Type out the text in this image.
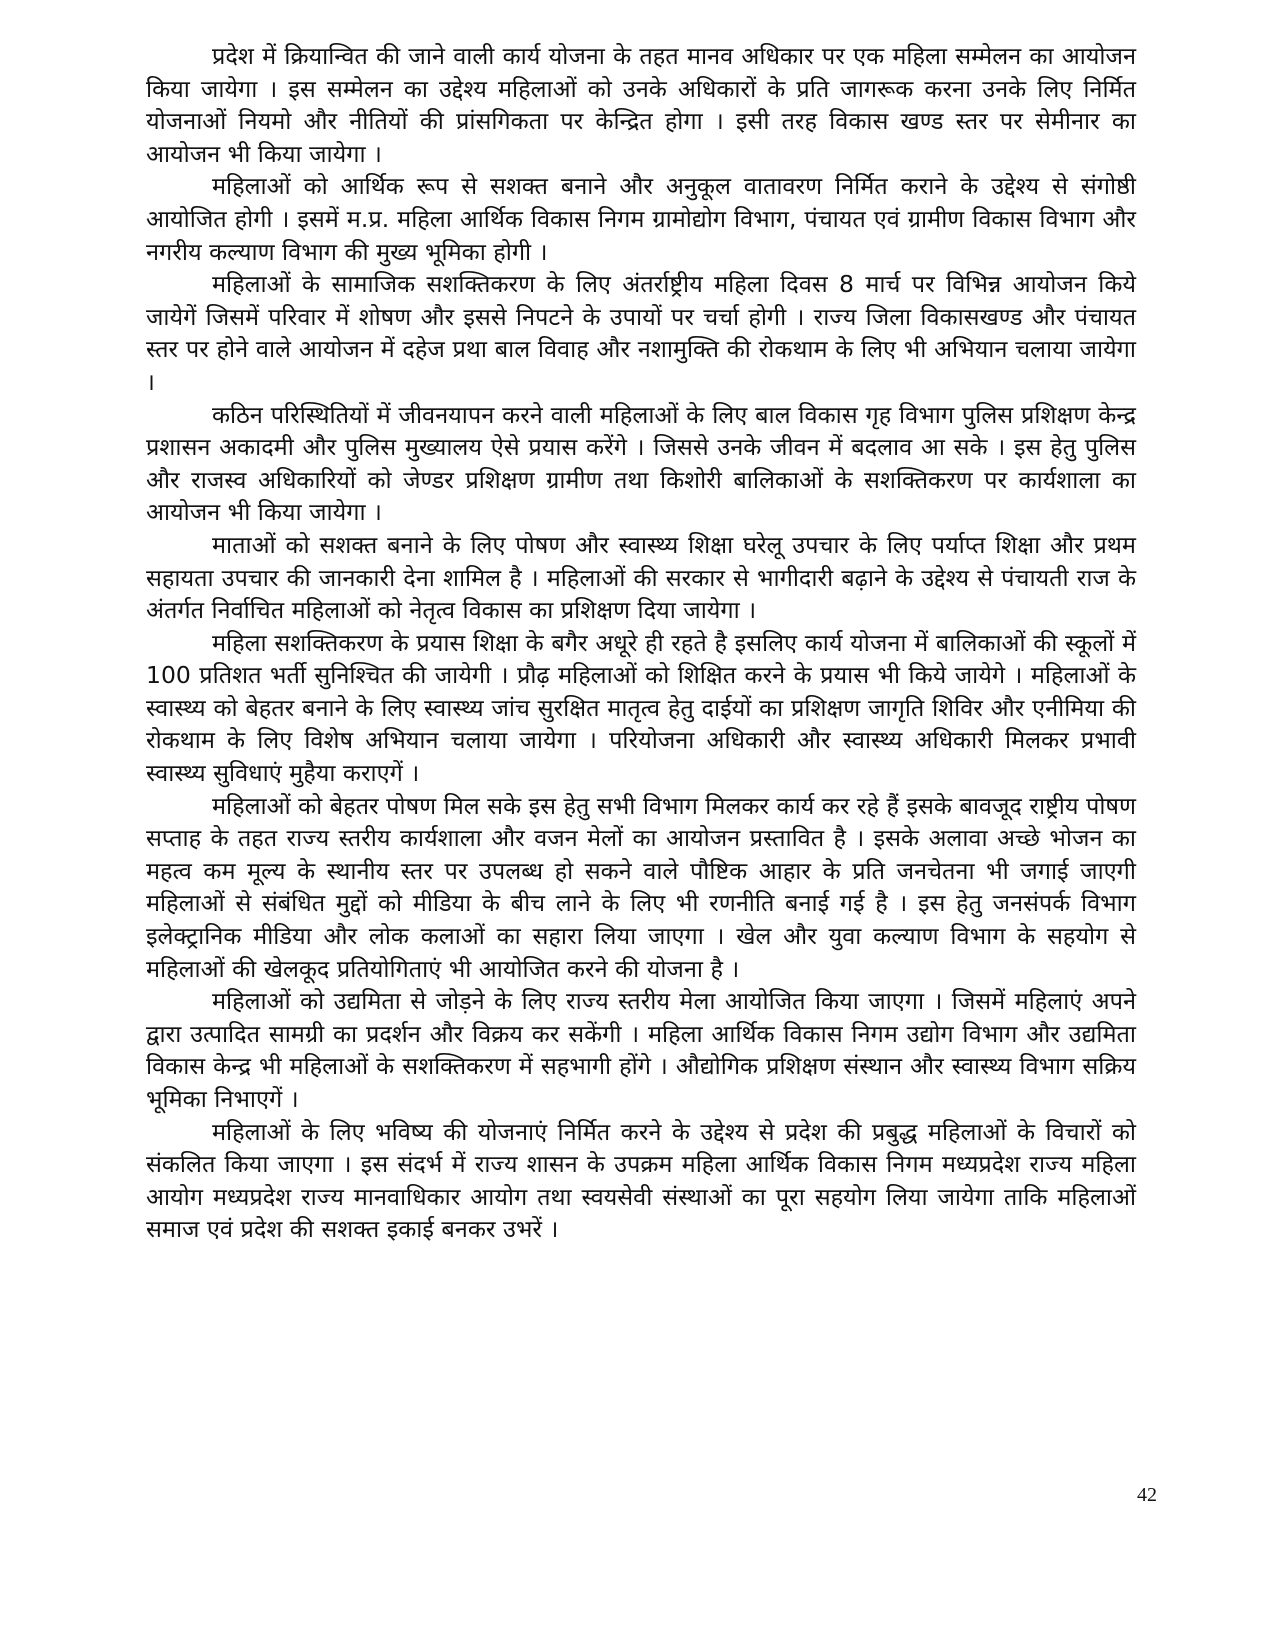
प्रदेश में क्रियान्वित की जाने वाली कार्य योजना के तहत मानव अधिकार पर एक महिला सम्मेलन का आयोजन किया जायेगा । इस सम्मेलन का उद्देश्य महिलाओं को उनके अधिकारों के प्रति जागरूक करना उनके लिए निर्मित योजनाओं नियमो और नीतियों की प्रांसगिकता पर केन्द्रित होगा । इसी तरह विकास खण्ड स्तर पर सेमीनार का आयोजन भी किया जायेगा ।

महिलाओं को आर्थिक रूप से सशक्त बनाने और अनुकूल वातावरण निर्मित कराने के उद्देश्य से संगोष्ठी आयोजित होगी । इसमें म.प्र. महिला आर्थिक विकास निगम ग्रामोद्योग विभाग, पंचायत एवं ग्रामीण विकास विभाग और नगरीय कल्याण विभाग की मुख्य भूमिका होगी ।

महिलाओं के सामाजिक सशक्तिकरण के लिए अंतर्राष्ट्रीय महिला दिवस 8 मार्च पर विभिन्न आयोजन किये जायेगें जिसमें परिवार में शोषण और इससे निपटने के उपायों पर चर्चा होगी । राज्य जिला विकासखण्ड और पंचायत स्तर पर होने वाले आयोजन में दहेज प्रथा बाल विवाह और नशामुक्ति की रोकथाम के लिए भी अभियान चलाया जायेगा ।

कठिन परिस्थितियों में जीवनयापन करने वाली महिलाओं के लिए बाल विकास गृह विभाग पुलिस प्रशिक्षण केन्द्र प्रशासन अकादमी और पुलिस मुख्यालय ऐसे प्रयास करेंगे । जिससे उनके जीवन में बदलाव आ सके । इस हेतु पुलिस और राजस्व अधिकारियों को जेण्डर प्रशिक्षण ग्रामीण तथा किशोरी बालिकाओं के सशक्तिकरण पर कार्यशाला का आयोजन भी किया जायेगा ।

माताओं को सशक्त बनाने के लिए पोषण और स्वास्थ्य शिक्षा घरेलू उपचार के लिए पर्याप्त शिक्षा और प्रथम सहायता उपचार की जानकारी देना शामिल है । महिलाओं की सरकार से भागीदारी बढ़ाने के उद्देश्य से पंचायती राज के अंतर्गत निर्वाचित महिलाओं को नेतृत्व विकास का प्रशिक्षण दिया जायेगा ।

महिला सशक्तिकरण के प्रयास शिक्षा के बगैर अधूरे ही रहते है इसलिए कार्य योजना में बालिकाओं की स्कूलों में 100 प्रतिशत भर्ती सुनिश्चित की जायेगी । प्रौढ़ महिलाओं को शिक्षित करने के प्रयास भी किये जायेगे । महिलाओं के स्वास्थ्य को बेहतर बनाने के लिए स्वास्थ्य जांच सुरक्षित मातृत्व हेतु दाईयों का प्रशिक्षण जागृति शिविर और एनीमिया की रोकथाम के लिए विशेष अभियान चलाया जायेगा । परियोजना अधिकारी और स्वास्थ्य अधिकारी मिलकर प्रभावी स्वास्थ्य सुविधाएं मुहैया कराएगें ।

महिलाओं को बेहतर पोषण मिल सके इस हेतु सभी विभाग मिलकर कार्य कर रहे हैं इसके बावजूद राष्ट्रीय पोषण सप्ताह के तहत राज्य स्तरीय कार्यशाला और वजन मेलों का आयोजन प्रस्तावित है । इसके अलावा अच्छे भोजन का महत्व कम मूल्य के स्थानीय स्तर पर उपलब्ध हो सकने वाले पौष्टिक आहार के प्रति जनचेतना भी जगाई जाएगी महिलाओं से संबंधित मुद्दों को मीडिया के बीच लाने के लिए भी रणनीति बनाई गई है । इस हेतु जनसंपर्क विभाग इलेक्ट्रानिक मीडिया और लोक कलाओं का सहारा लिया जाएगा । खेल और युवा कल्याण विभाग के सहयोग से महिलाओं की खेलकूद प्रतियोगिताएं भी आयोजित करने की योजना है ।

महिलाओं को उद्यमिता से जोड़ने के लिए राज्य स्तरीय मेला आयोजित किया जाएगा । जिसमें महिलाएं अपने द्वारा उत्पादित सामग्री का प्रदर्शन और विक्रय कर सकेंगी । महिला आर्थिक विकास निगम उद्योग विभाग और उद्यमिता विकास केन्द्र भी महिलाओं के सशक्तिकरण में सहभागी होंगे । औद्योगिक प्रशिक्षण संस्थान और स्वास्थ्य विभाग सक्रिय भूमिका निभाएगें ।

महिलाओं के लिए भविष्य की योजनाएं निर्मित करने के उद्देश्य से प्रदेश की प्रबुद्ध महिलाओं के विचारों को संकलित किया जाएगा । इस संदर्भ में राज्य शासन के उपक्रम महिला आर्थिक विकास निगम मध्यप्रदेश राज्य महिला आयोग मध्यप्रदेश राज्य मानवाधिकार आयोग तथा स्वयसेवी संस्थाओं का पूरा सहयोग लिया जायेगा ताकि महिलाओं समाज एवं प्रदेश की सशक्त इकाई बनकर उभरें ।

42
